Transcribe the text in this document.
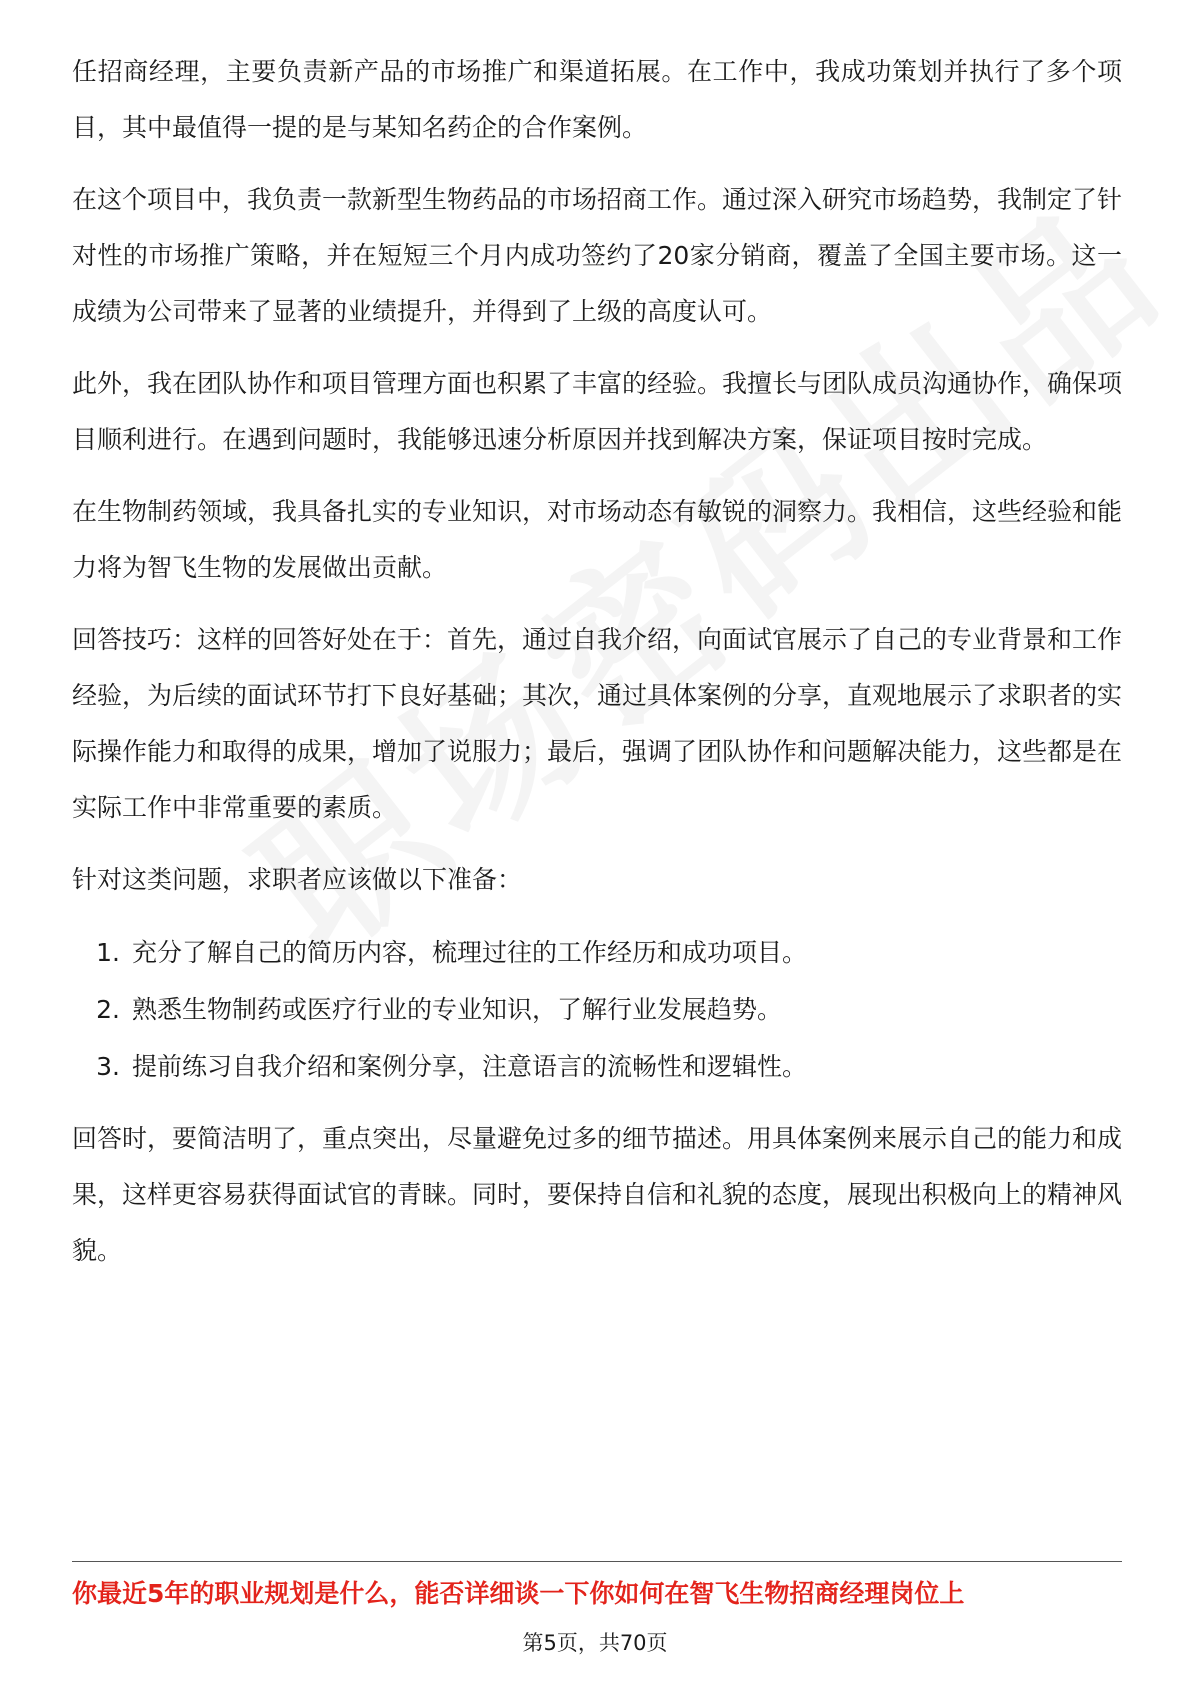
任招商经理，主要负责新产品的市场推广和渠道拓展。在工作中，我成功策划并执行了多个项目，其中最值得一提的是与某知名药企的合作案例。

在这个项目中，我负责一款新型生物药品的市场招商工作。通过深入研究市场趋势，我制定了针对性的市场推广策略，并在短短三个月内成功签约了20家分销商，覆盖了全国主要市场。这一成绩为公司带来了显著的业绩提升，并得到了上级的高度认可。

此外，我在团队协作和项目管理方面也积累了丰富的经验。我擅长与团队成员沟通协作，确保项目顺利进行。在遇到问题时，我能够迅速分析原因并找到解决方案，保证项目按时完成。

在生物制药领域，我具备扎实的专业知识，对市场动态有敏锐的洞察力。我相信，这些经验和能力将为智飞生物的发展做出贡献。

回答技巧：这样的回答好处在于：首先，通过自我介绍，向面试官展示了自己的专业背景和工作经验，为后续的面试环节打下良好基础；其次，通过具体案例的分享，直观地展示了求职者的实际操作能力和取得的成果，增加了说服力；最后，强调了团队协作和问题解决能力，这些都是在实际工作中非常重要的素质。

针对这类问题，求职者应该做以下准备：

1. 充分了解自己的简历内容，梳理过往的工作经历和成功项目。
2. 熟悉生物制药或医疗行业的专业知识，了解行业发展趋势。
3. 提前练习自我介绍和案例分享，注意语言的流畅性和逻辑性。

回答时，要简洁明了，重点突出，尽量避免过多的细节描述。用具体案例来展示自己的能力和成果，这样更容易获得面试官的青睐。同时，要保持自信和礼貌的态度，展现出积极向上的精神风貌。

你最近5年的职业规划是什么，能否详细谈一下你如何在智飞生物招商经理岗位上
第5页，共70页
